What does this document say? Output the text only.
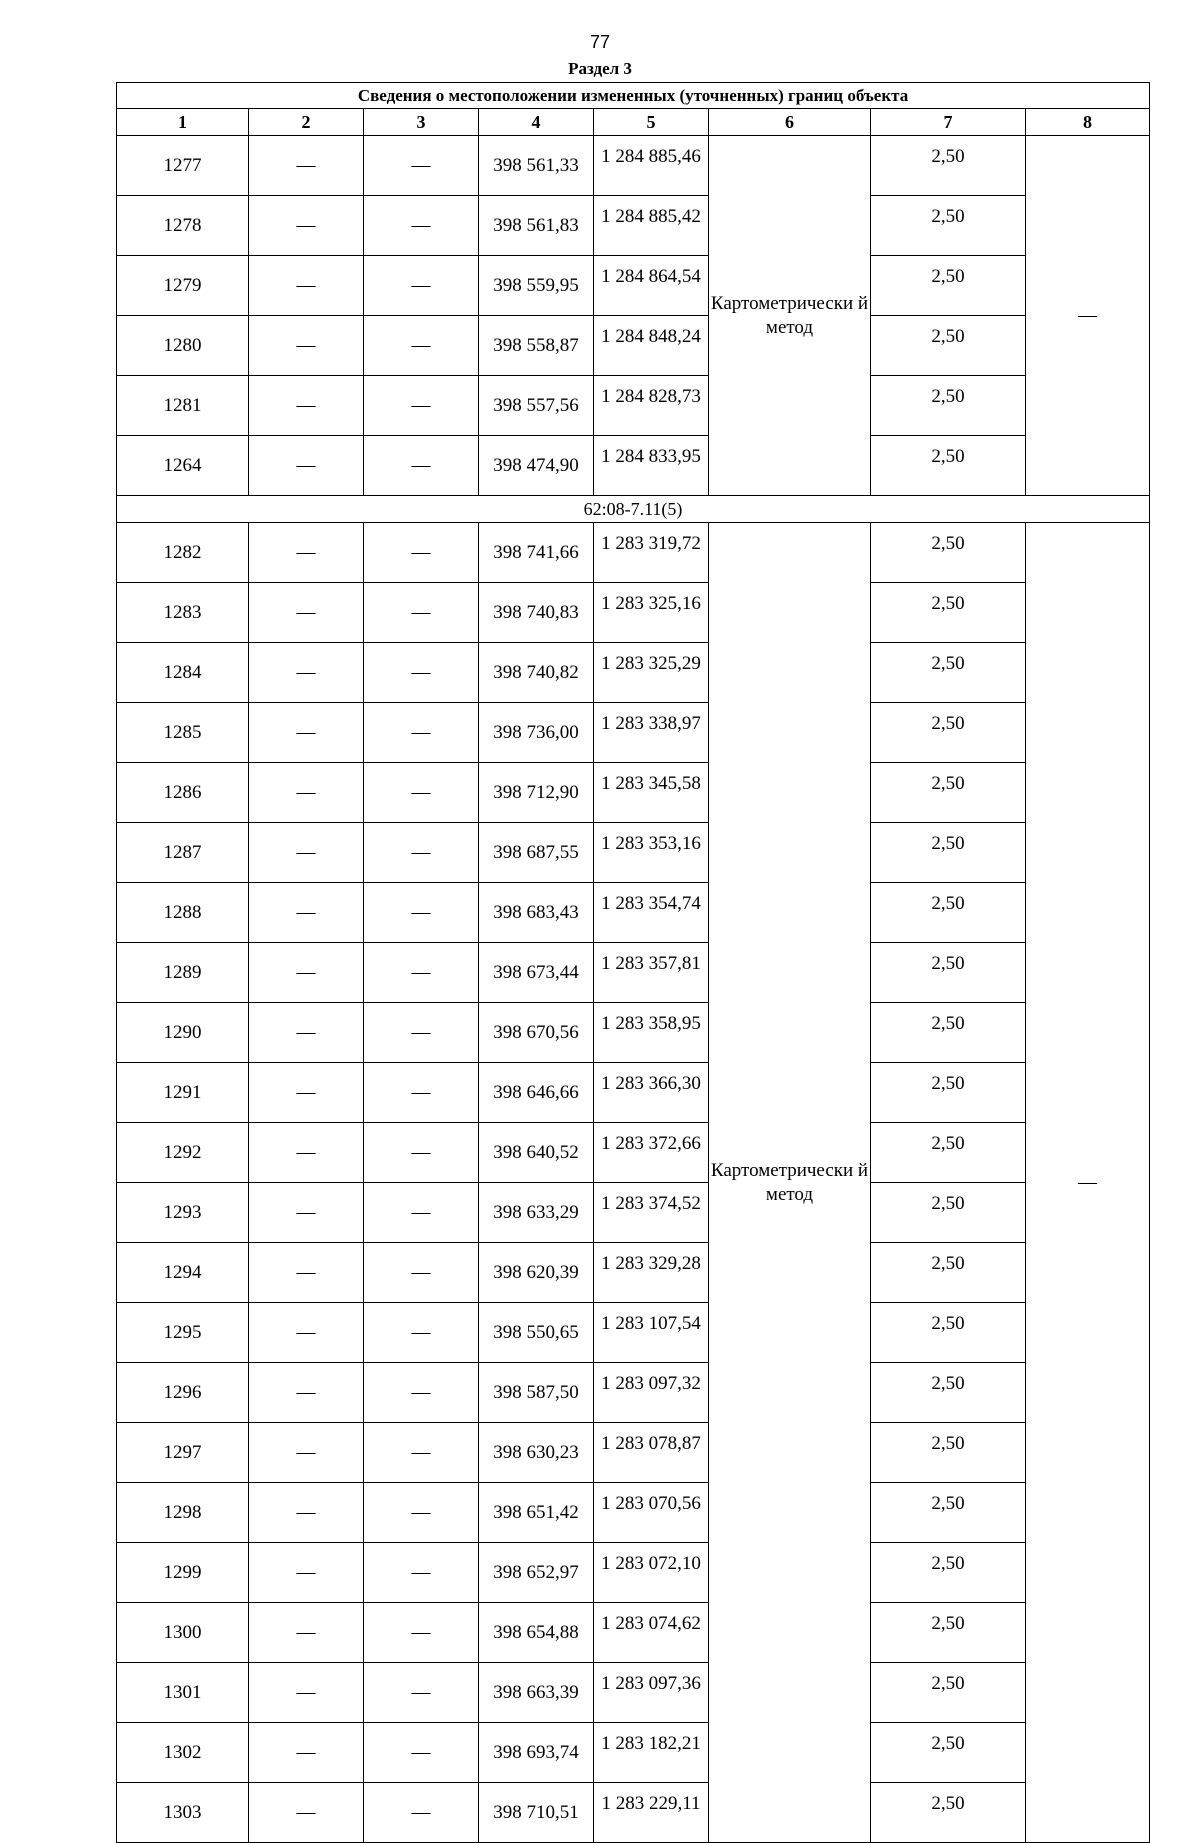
77
Раздел 3
Сведения о местоположении измененных (уточненных) границ объекта							
1	2	3	4	5	6	7	8
1277	—	—	398 561,33	1 284 885,46	Картометрически й метод	2,50	—
1278	—	—	398 561,83	1 284 885,42		2,50	
1279	—	—	398 559,95	1 284 864,54		2,50	
1280	—	—	398 558,87	1 284 848,24		2,50	
1281	—	—	398 557,56	1 284 828,73		2,50	
1264	—	—	398 474,90	1 284 833,95		2,50	
62:08-7.11(5)							
1282	—	—	398 741,66	1 283 319,72	Картометрически й метод	2,50	—
1283	—	—	398 740,83	1 283 325,16		2,50	
1284	—	—	398 740,82	1 283 325,29		2,50	
1285	—	—	398 736,00	1 283 338,97		2,50	
1286	—	—	398 712,90	1 283 345,58		2,50	
1287	—	—	398 687,55	1 283 353,16		2,50	
1288	—	—	398 683,43	1 283 354,74		2,50	
1289	—	—	398 673,44	1 283 357,81		2,50	
1290	—	—	398 670,56	1 283 358,95		2,50	
1291	—	—	398 646,66	1 283 366,30		2,50	
1292	—	—	398 640,52	1 283 372,66		2,50	
1293	—	—	398 633,29	1 283 374,52		2,50	
1294	—	—	398 620,39	1 283 329,28		2,50	
1295	—	—	398 550,65	1 283 107,54		2,50	
1296	—	—	398 587,50	1 283 097,32		2,50	
1297	—	—	398 630,23	1 283 078,87		2,50	
1298	—	—	398 651,42	1 283 070,56		2,50	
1299	—	—	398 652,97	1 283 072,10		2,50	
1300	—	—	398 654,88	1 283 074,62		2,50	
1301	—	—	398 663,39	1 283 097,36		2,50	
1302	—	—	398 693,74	1 283 182,21		2,50	
1303	—	—	398 710,51	1 283 229,11		2,50	
